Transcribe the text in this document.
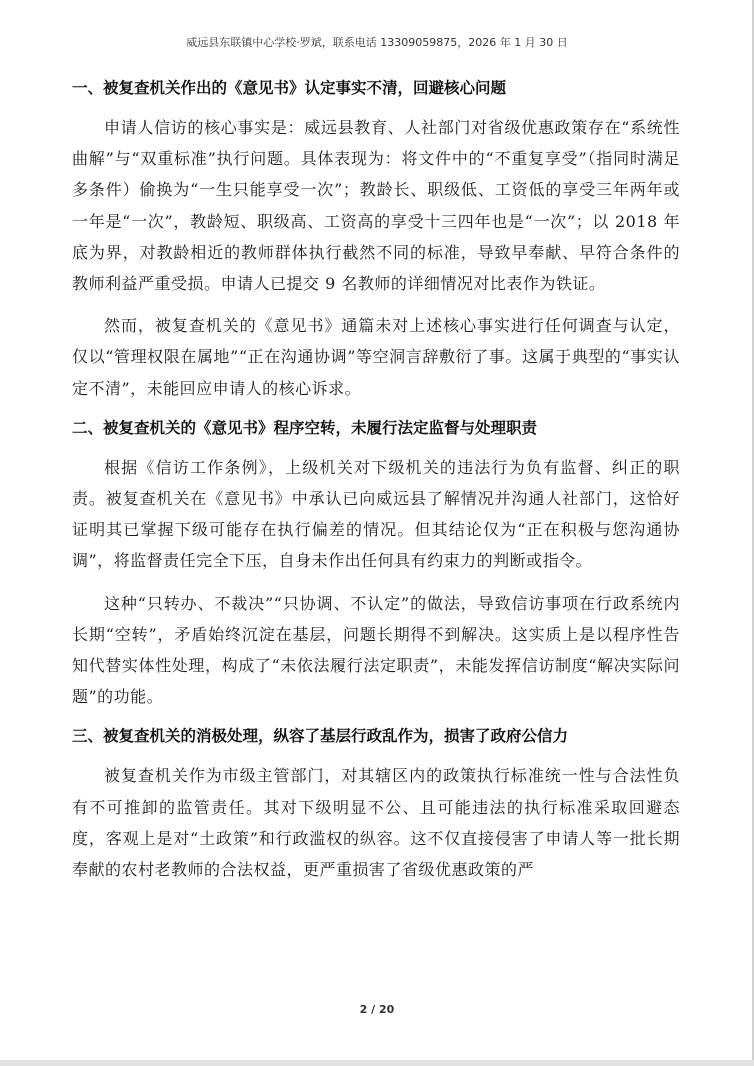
威远县东联镇中心学校·罗斌，联系电话 13309059875，2026 年 1 月 30 日
一、被复查机关作出的《意见书》认定事实不清，回避核心问题

申请人信访的核心事实是：威远县教育、人社部门对省级优惠政策存在“系统性曲解”与“双重标准”执行问题。具体表现为：将文件中的“不重复享受”（指同时满足多条件）偷换为“一生只能享受一次”；教龄长、职级低、工资低的享受三年两年或一年是“一次”，教龄短、职级高、工资高的享受十三四年也是“一次”；以 2018 年底为界，对教龄相近的教师群体执行截然不同的标准，导致早奉献、早符合条件的教师利益严重受损。申请人已提交 9 名教师的详细情况对比表作为铁证。

然而，被复查机关的《意见书》通篇未对上述核心事实进行任何调查与认定，仅以“管理权限在属地”“正在沟通协调”等空洞言辞敷衍了事。这属于典型的“事实认定不清”，未能回应申请人的核心诉求。

二、被复查机关的《意见书》程序空转，未履行法定监督与处理职责

根据《信访工作条例》，上级机关对下级机关的违法行为负有监督、纠正的职责。被复查机关在《意见书》中承认已向威远县了解情况并沟通人社部门，这恰好证明其已掌握下级可能存在执行偏差的情况。但其结论仅为“正在积极与您沟通协调”，将监督责任完全下压，自身未作出任何具有约束力的判断或指令。

这种“只转办、不裁决”“只协调、不认定”的做法，导致信访事项在行政系统内长期“空转”，矛盾始终沉淀在基层，问题长期得不到解决。这实质上是以程序性告知代替实体性处理，构成了“未依法履行法定职责”，未能发挥信访制度“解决实际问题”的功能。

三、被复查机关的消极处理，纵容了基层行政乱作为，损害了政府公信力

被复查机关作为市级主管部门，对其辖区内的政策执行标准统一性与合法性负有不可推卸的监管责任。其对下级明显不公、且可能违法的执行标准采取回避态度，客观上是对“土政策”和行政滥权的纵容。这不仅直接侵害了申请人等一批长期奉献的农村老教师的合法权益，更严重损害了省级优惠政策的严

2 / 20
